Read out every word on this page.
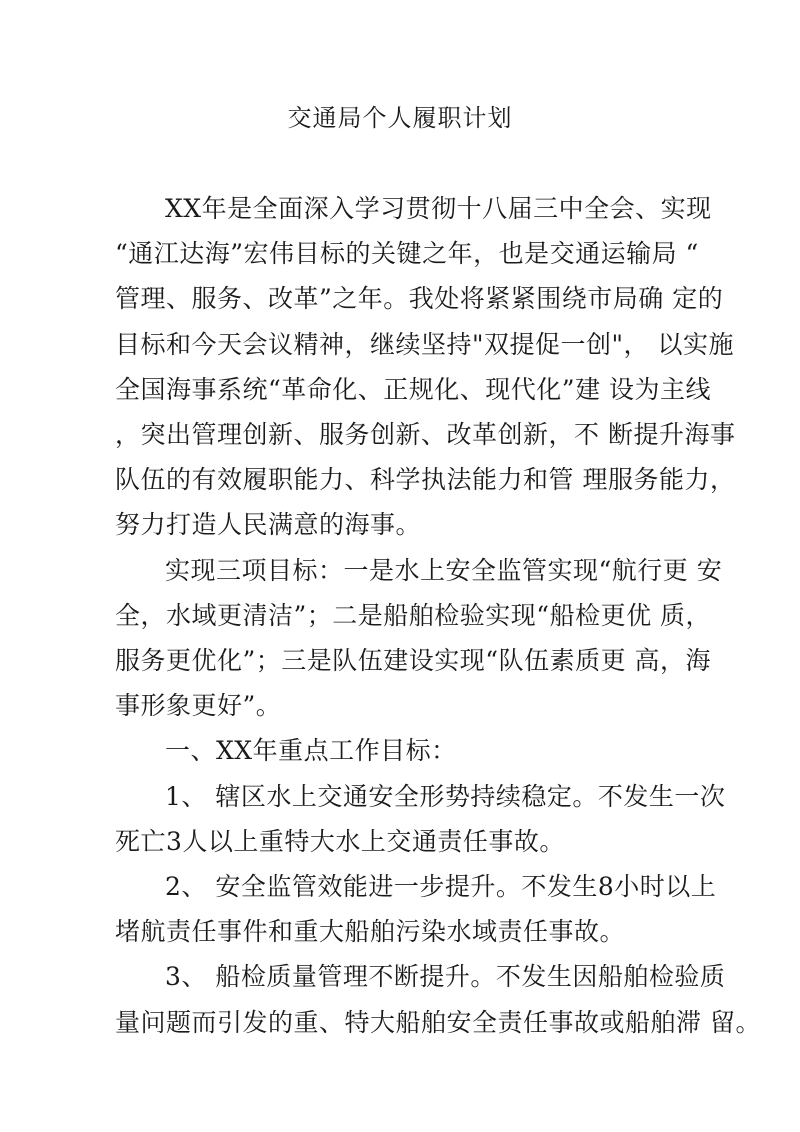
交通局个人履职计划
XX年是全面深入学习贯彻十八届三中全会、实现
“通江达海”宏伟目标的关键之年，也是交通运输局 “
管理、服务、改革”之年。我处将紧紧围绕市局确 定的
目标和今天会议精神，继续坚持"双提促一创"， 以实施
全国海事系统“革命化、正规化、现代化”建 设为主线
，突出管理创新、服务创新、改革创新，不 断提升海事
队伍的有效履职能力、科学执法能力和管 理服务能力，
努力打造人民满意的海事。
实现三项目标：一是水上安全监管实现“航行更 安
全，水域更清洁”；二是船舶检验实现“船检更优 质，
服务更优化”；三是队伍建设实现“队伍素质更 高，海
事形象更好”。
一、XX年重点工作目标：
1、 辖区水上交通安全形势持续稳定。不发生一次
死亡3人以上重特大水上交通责任事故。
2、 安全监管效能进一步提升。不发生8小时以上
堵航责任事件和重大船舶污染水域责任事故。
3、 船检质量管理不断提升。不发生因船舶检验质
量问题而引发的重、特大船舶安全责任事故或船舶滞 留。
